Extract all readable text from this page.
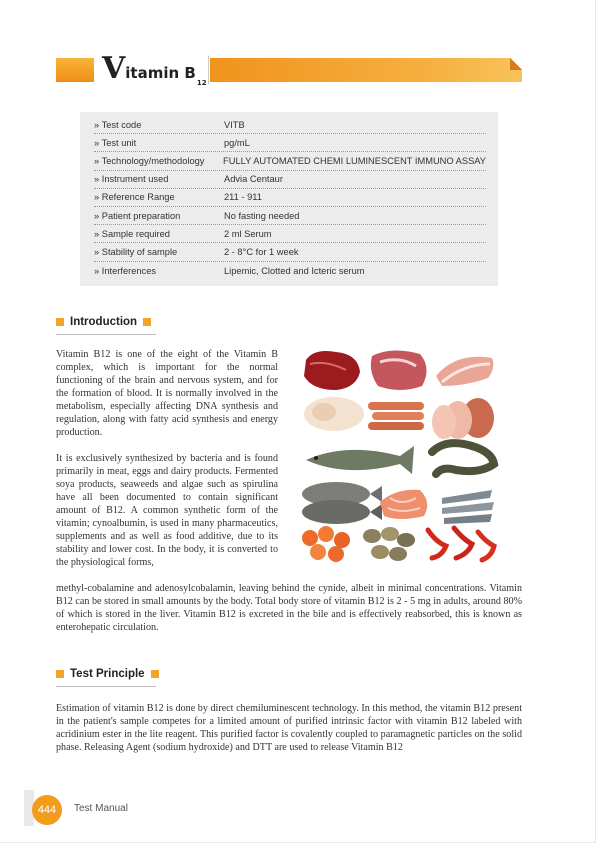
V itamin B
12
» Test code	VITB
» Test unit	pg/mL
» Technology/methodology	FULLY AUTOMATED CHEMI LUMINESCENT IMMUNO ASSAY
» Instrument used	Advia Centaur
» Reference Range	211 - 911
» Patient preparation	No fasting needed
» Sample required	2 ml Serum
» Stability of sample	2 - 8°C for 1 week
» Interferences	Lipemic, Clotted and Icteric serum
Introduction
Vitamin B12 is one of the eight of the Vitamin B complex, which is important for the normal functioning of the brain and nervous system, and for the formation of blood. It is normally involved in the metabolism, especially affecting DNA synthesis and regulation, along with fatty acid synthesis and energy production.
It is exclusively synthesized by bacteria and is found primarily in meat, eggs and dairy products. Fermented soya products, seaweeds and algae such as spirulina have all been documented to contain significant amount of B12. A common synthetic form of the vitamin; cynoalbumin, is used in many pharmaceutics, supplements and as well as food additive, due to its stability and lower cost. In the body, it is converted to the physiological forms,
methyl-cobalamine and adenosylcobalamin, leaving behind the cynide, albeit in minimal concentrations. Vitamin B12 can be stored in small amounts by the body. Total body store of vitamin B12 is 2 - 5 mg in adults, around 80% of which is stored in the liver. Vitamin B12 is excreted in the bile and is effectively reabsorbed, this is known as enterohepatic circulation.
Test Principle
Estimation of vitamin B12 is done by direct chemiluminescent technology. In this method, the vitamin B12 present in the patient's sample competes for a limited amount of purified intrinsic factor with vitamin B12 labeled with acridinium ester in the lite reagent. This purified factor is covalently coupled to paramagnetic particles on the solid phase. Releasing Agent (sodium hydroxide) and DTT are used to release Vitamin B12
444	Test Manual
